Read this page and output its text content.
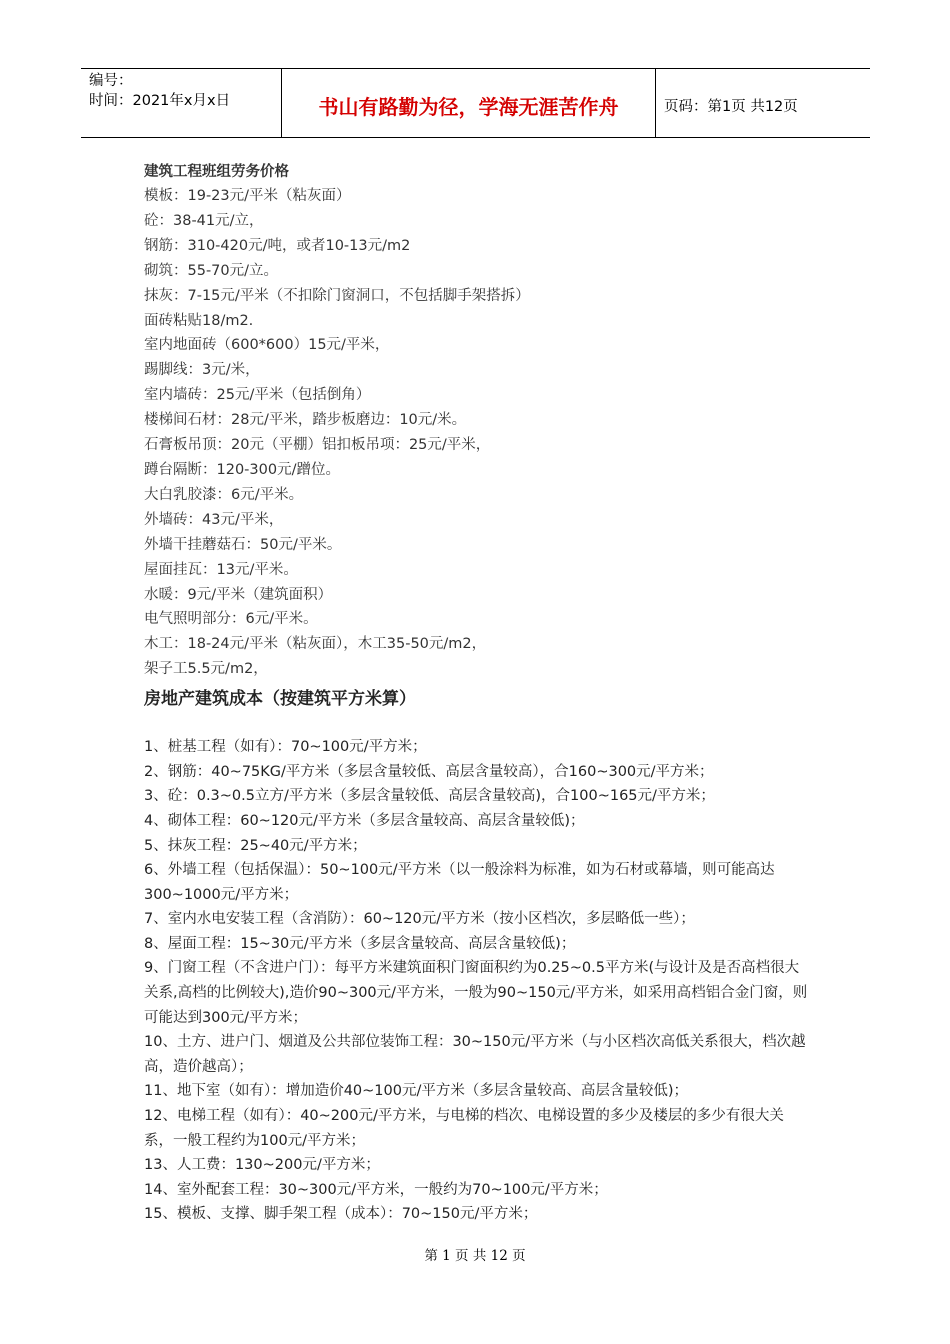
编号：
时间：2021年x月x日	书山有路勤为径，学海无涯苦作舟	页码：第1页 共12页
建筑工程班组劳务价格
模板：19-23元/平米（粘灰面）
砼：38-41元/立，
钢筋：310-420元/吨，或者10-13元/m2
砌筑：55-70元/立。
抹灰：7-15元/平米（不扣除门窗洞口，不包括脚手架搭拆）
面砖粘贴18/m2.
室内地面砖（600*600）15元/平米，
踢脚线：3元/米，
室内墙砖：25元/平米（包括倒角）
楼梯间石材：28元/平米，踏步板磨边：10元/米。
石膏板吊顶：20元（平棚）铝扣板吊项：25元/平米，
蹲台隔断：120-300元/蹭位。
大白乳胶漆：6元/平米。
外墙砖：43元/平米，
外墙干挂蘑菇石：50元/平米。
屋面挂瓦：13元/平米。
水暖：9元/平米（建筑面积）
电气照明部分：6元/平米。
木工：18-24元/平米（粘灰面），木工35-50元/m2，
架子工5.5元/m2，
房地产建筑成本（按建筑平方米算）
1、桩基工程（如有）：70~100元/平方米；
2、钢筋：40~75KG/平方米（多层含量较低、高层含量较高），合160~300元/平方米；
3、砼：0.3~0.5立方/平方米（多层含量较低、高层含量较高)，合100~165元/平方米；
4、砌体工程：60~120元/平方米（多层含量较高、高层含量较低)；
5、抹灰工程：25~40元/平方米；
6、外墙工程（包括保温）：50~100元/平方米（以一般涂料为标准，如为石材或幕墙，则可能高达300~1000元/平方米；
7、室内水电安装工程（含消防）：60~120元/平方米（按小区档次，多层略低一些）；
8、屋面工程：15~30元/平方米（多层含量较高、高层含量较低)；
9、门窗工程（不含进户门）：每平方米建筑面积门窗面积约为0.25~0.5平方米(与设计及是否高档很大关系,高档的比例较大),造价90~300元/平方米，一般为90~150元/平方米，如采用高档铝合金门窗，则可能达到300元/平方米；
10、土方、进户门、烟道及公共部位装饰工程：30~150元/平方米（与小区档次高低关系很大，档次越高，造价越高）；
11、地下室（如有）：增加造价40~100元/平方米（多层含量较高、高层含量较低)；
12、电梯工程（如有）：40~200元/平方米，与电梯的档次、电梯设置的多少及楼层的多少有很大关系，一般工程约为100元/平方米；
13、人工费：130~200元/平方米；
14、室外配套工程：30~300元/平方米，一般约为70~100元/平方米；
15、模板、支撑、脚手架工程（成本）：70~150元/平方米；
第 1 页 共 12 页
